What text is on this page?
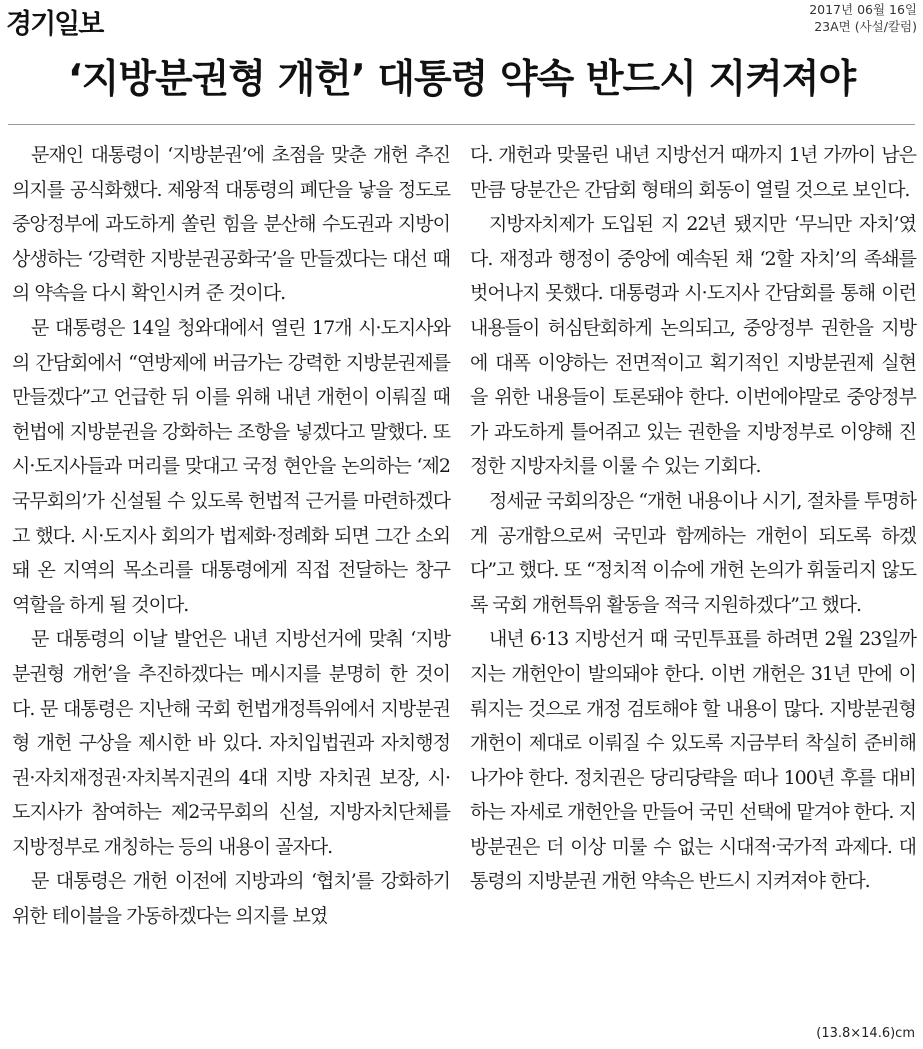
경기일보	2017년 06월 16일
23A면 (사설/칼럼)
‘지방분권형 개헌’ 대통령 약속 반드시 지켜져야

문재인 대통령이 ‘지방분권’에 초점을 맞춘 개헌 추진 의지를 공식화했다. 제왕적 대통령의 폐단을 낳을 정도로 중앙정부에 과도하게 쏠린 힘을 분산해 수도권과 지방이 상생하는 ‘강력한 지방분권공화국’을 만들겠다는 대선 때의 약속을 다시 확인시켜 준 것이다.

문 대통령은 14일 청와대에서 열린 17개 시·도지사와의 간담회에서 “연방제에 버금가는 강력한 지방분권제를 만들겠다”고 언급한 뒤 이를 위해 내년 개헌이 이뤄질 때 헌법에 지방분권을 강화하는 조항을 넣겠다고 말했다. 또 시·도지사들과 머리를 맞대고 국정 현안을 논의하는 ‘제2국무회의’가 신설될 수 있도록 헌법적 근거를 마련하겠다고 했다. 시·도지사 회의가 법제화·정례화 되면 그간 소외돼 온 지역의 목소리를 대통령에게 직접 전달하는 창구 역할을 하게 될 것이다.

문 대통령의 이날 발언은 내년 지방선거에 맞춰 ‘지방분권형 개헌’을 추진하겠다는 메시지를 분명히 한 것이다. 문 대통령은 지난해 국회 헌법개정특위에서 지방분권형 개헌 구상을 제시한 바 있다. 자치입법권과 자치행정권·자치재정권·자치복지권의 4대 지방 자치권 보장, 시·도지사가 참여하는 제2국무회의 신설, 지방자치단체를 지방정부로 개칭하는 등의 내용이 골자다.

문 대통령은 개헌 이전에 지방과의 ‘협치’를 강화하기 위한 테이블을 가동하겠다는 의지를 보였

다. 개헌과 맞물린 내년 지방선거 때까지 1년 가까이 남은 만큼 당분간은 간담회 형태의 회동이 열릴 것으로 보인다.

지방자치제가 도입된 지 22년 됐지만 ‘무늬만 자치’였다. 재정과 행정이 중앙에 예속된 채 ‘2할 자치’의 족쇄를 벗어나지 못했다. 대통령과 시·도지사 간담회를 통해 이런 내용들이 허심탄회하게 논의되고, 중앙정부 권한을 지방에 대폭 이양하는 전면적이고 획기적인 지방분권제 실현을 위한 내용들이 토론돼야 한다. 이번에야말로 중앙정부가 과도하게 틀어쥐고 있는 권한을 지방정부로 이양해 진정한 지방자치를 이룰 수 있는 기회다.

정세균 국회의장은 “개헌 내용이나 시기, 절차를 투명하게 공개함으로써 국민과 함께하는 개헌이 되도록 하겠다”고 했다. 또 “정치적 이슈에 개헌 논의가 휘둘리지 않도록 국회 개헌특위 활동을 적극 지원하겠다”고 했다.

내년 6·13 지방선거 때 국민투표를 하려면 2월 23일까지는 개헌안이 발의돼야 한다. 이번 개헌은 31년 만에 이뤄지는 것으로 개정 검토해야 할 내용이 많다. 지방분권형 개헌이 제대로 이뤄질 수 있도록 지금부터 착실히 준비해 나가야 한다. 정치권은 당리당략을 떠나 100년 후를 대비하는 자세로 개헌안을 만들어 국민 선택에 맡겨야 한다. 지방분권은 더 이상 미룰 수 없는 시대적·국가적 과제다. 대통령의 지방분권 개헌 약속은 반드시 지켜져야 한다.

(13.8×14.6)cm
